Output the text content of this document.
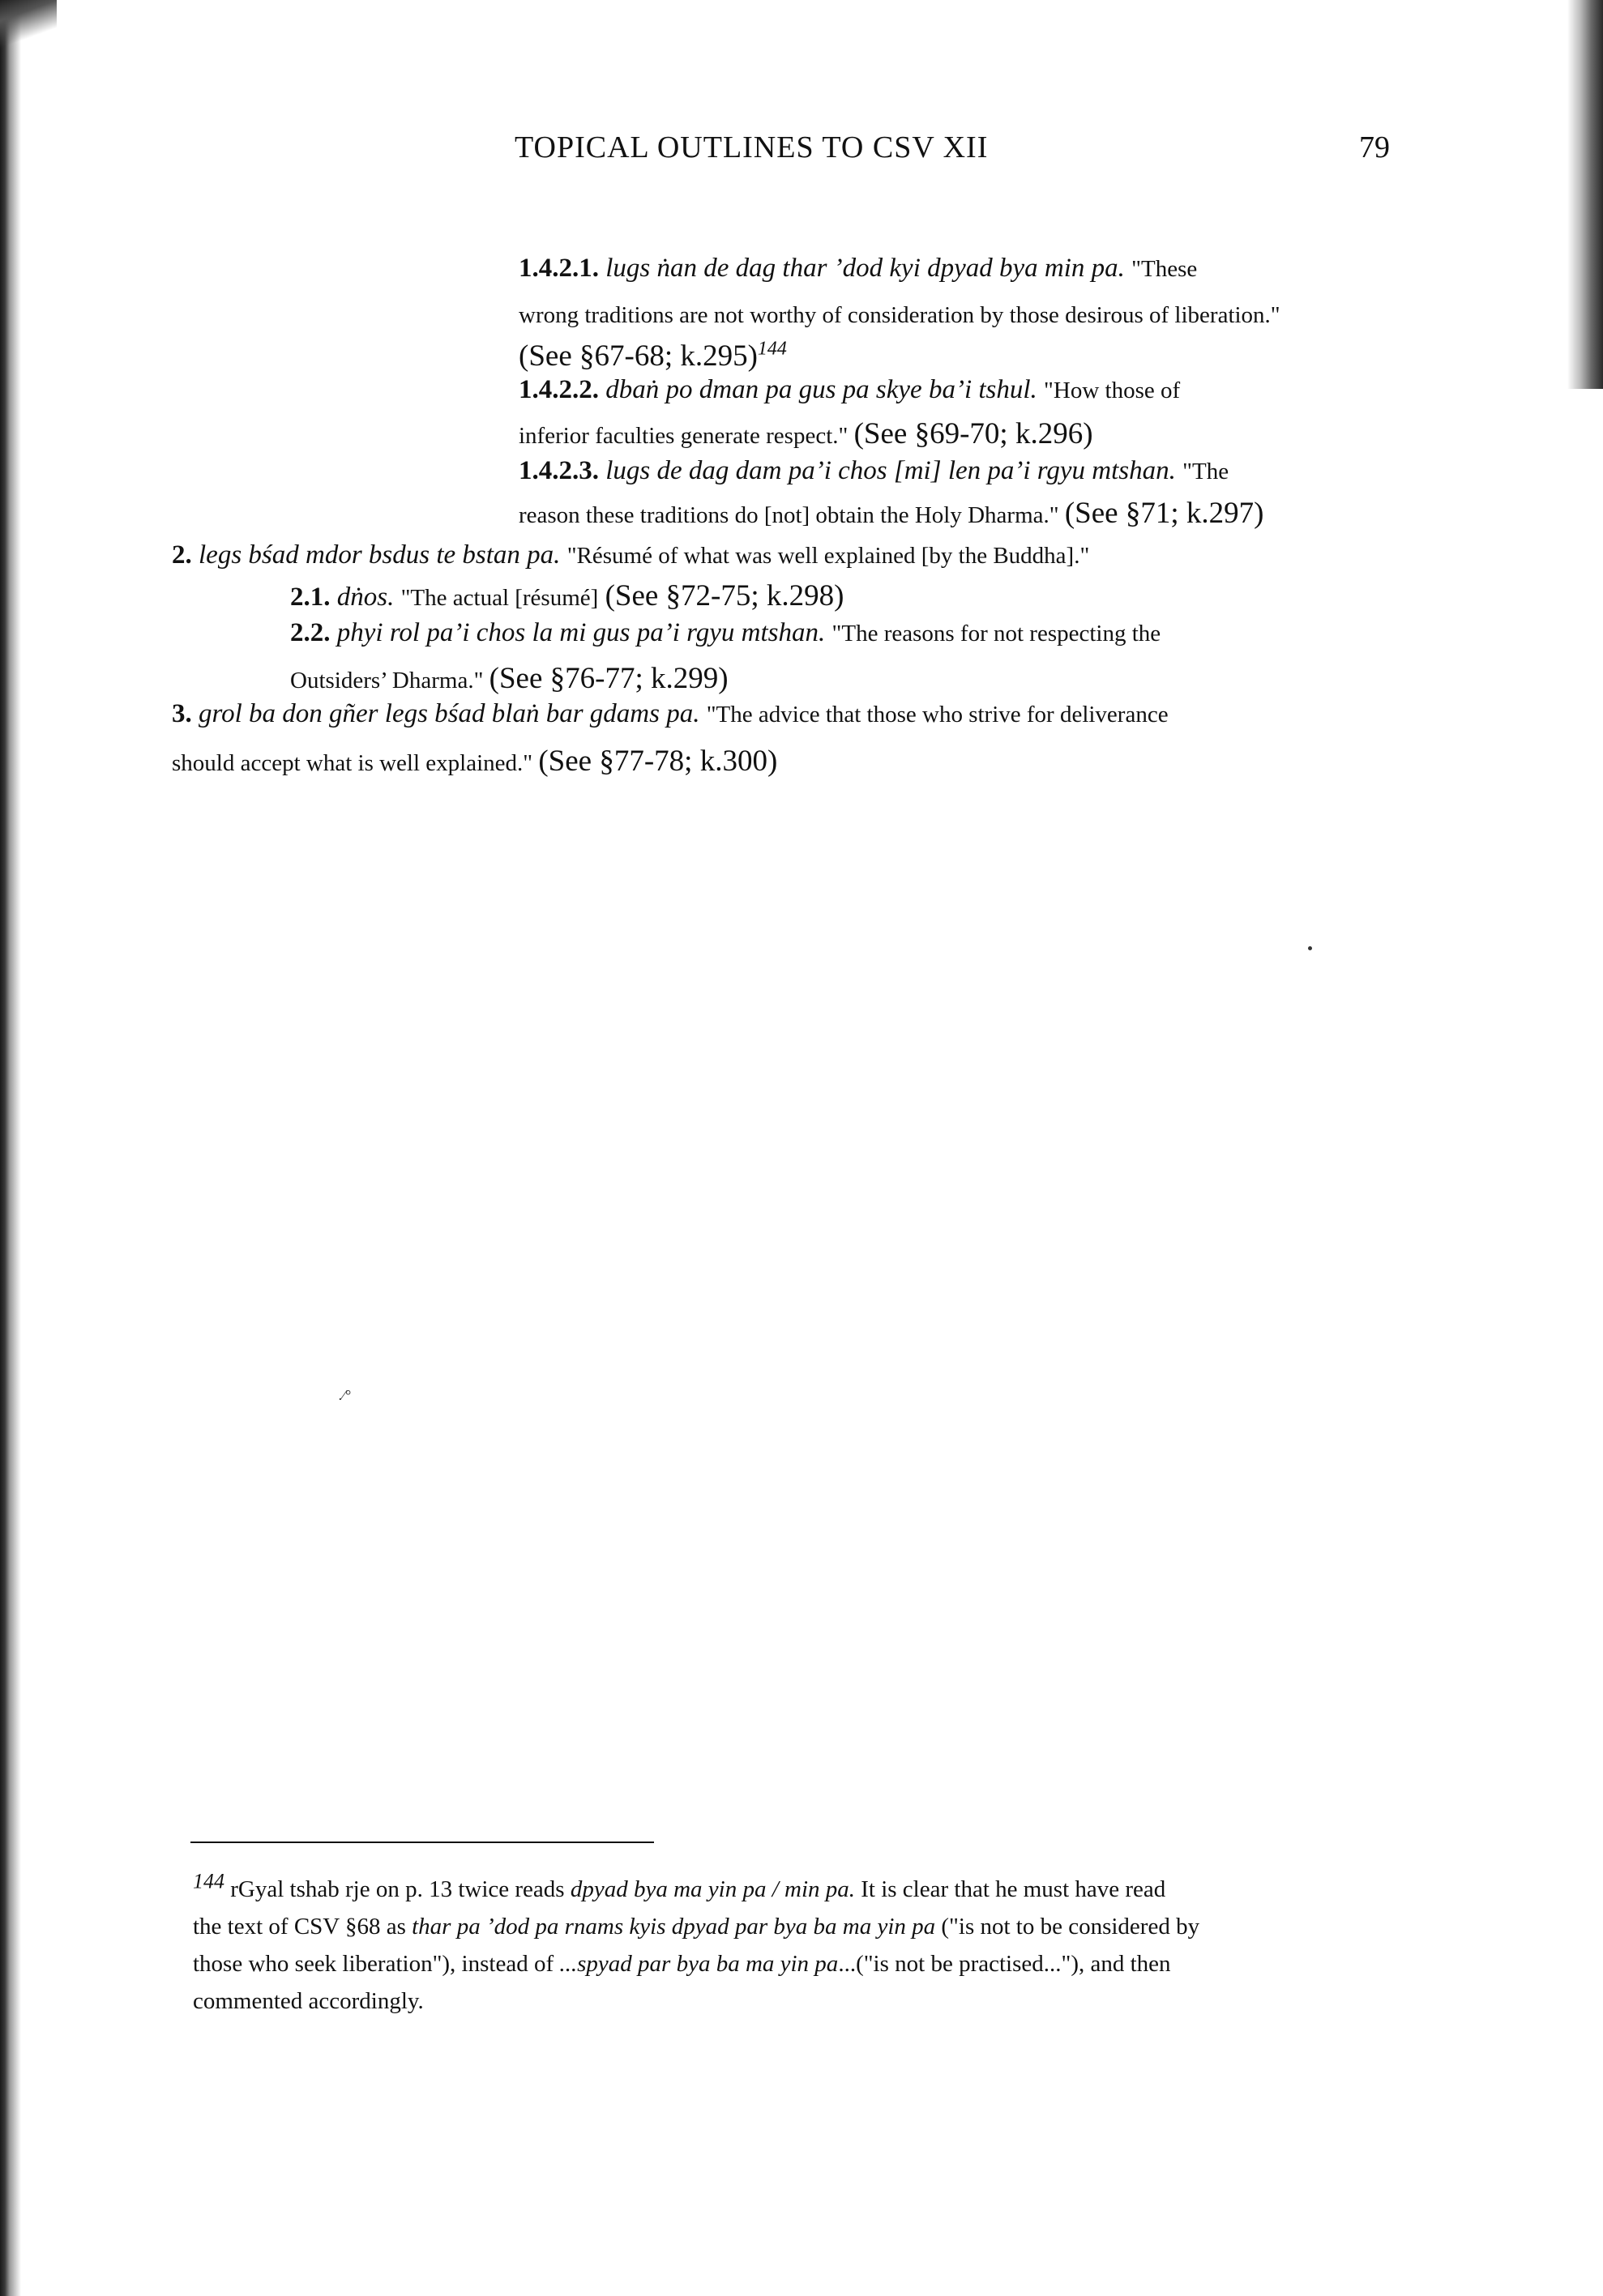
TOPICAL OUTLINES TO CSV XII	79
1.4.2.1. lugs ṅan de dag thar ’dod kyi dpyad bya min pa. "These
wrong traditions are not worthy of consideration by those desirous of liberation."
(See §67-68; k.295)$^{144}$
1.4.2.2. dbaṅ po dman pa gus pa skye ba’i tshul. "How those of
inferior faculties generate respect." (See §69-70; k.296)
1.4.2.3. lugs de dag dam pa’i chos [mi] len pa’i rgyu mtshan. "The
reason these traditions do [not] obtain the Holy Dharma." (See §71; k.297)
2. legs bśad mdor bsdus te bstan pa. "Résumé of what was well explained [by the Buddha]."
2.1. dṅos. "The actual [résumé] (See §72-75; k.298)
2.2. phyi rol pa’i chos la mi gus pa’i rgyu mtshan. "The reasons for not respecting the
Outsiders’ Dharma." (See §76-77; k.299)
3. grol ba don gñer legs bśad blaṅ bar gdams pa. "The advice that those who strive for deliverance
should accept what is well explained." (See §77-78; k.300)
.⁄°
144 rGyal tshab rje on p. 13 twice reads dpyad bya ma yin pa / min pa. It is clear that he must have read
the text of CSV §68 as thar pa ’dod pa rnams kyis dpyad par bya ba ma yin pa ("is not to be considered by
those who seek liberation"), instead of ...spyad par bya ba ma yin pa...("is not be practised..."), and then
commented accordingly.
